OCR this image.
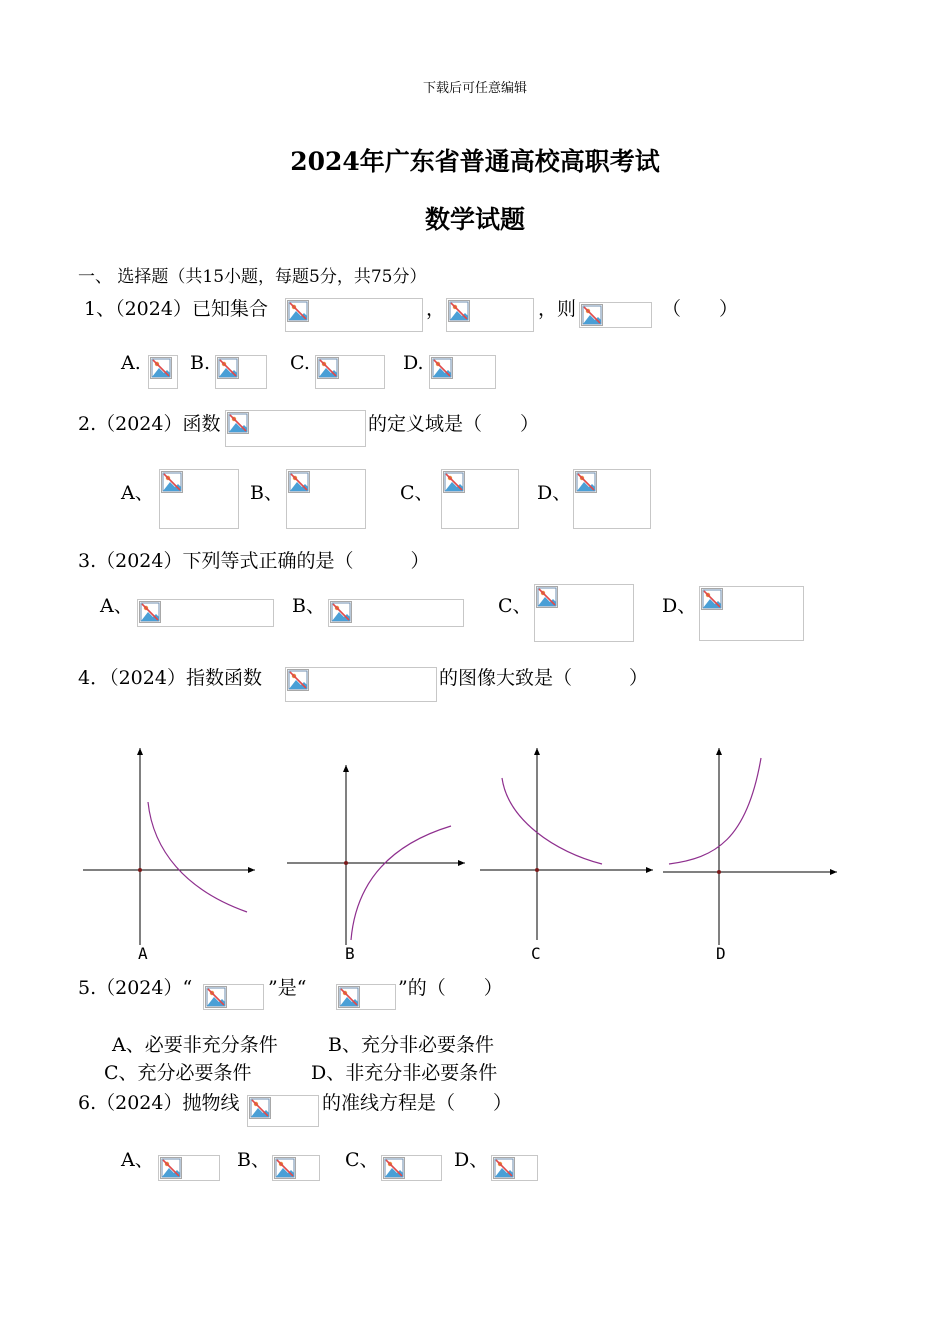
下载后可任意编辑
2024年广东省普通高校高职考试
数学试题
一、 选择题（共15小题，每题5分，共75分）
1、（2024）已知集合	，	，则	（　　）
A.	B.	C.	D.
2.（2024）函数	的定义域是（　　）
A、	B、	C、	D、
3.（2024）下列等式正确的是（　　　）
A、	B、	C、	D、
4．（2024）指数函数	的图像大致是（　　　）
A	B	C	D
5.（2024）“	”是“	”的（　　）
A、必要非充分条件	B、充分非必要条件
C、充分必要条件	D、非充分非必要条件
6.（2024）抛物线	的准线方程是（　　）
A、	B、	C、	D、
